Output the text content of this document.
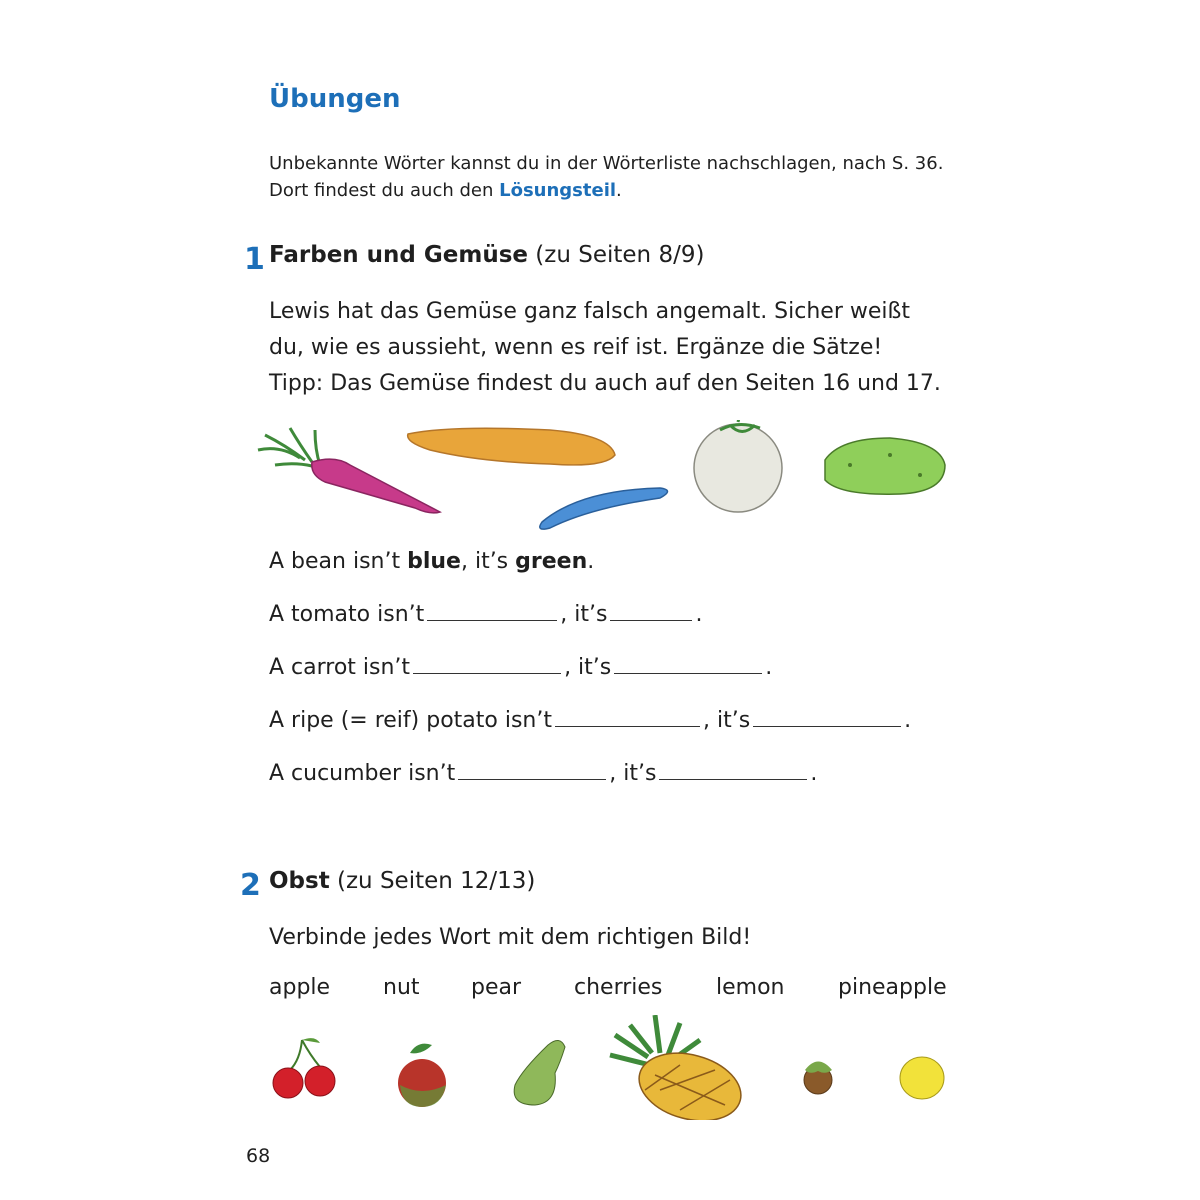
Übungen
Unbekannte Wörter kannst du in der Wörterliste nachschlagen, nach S. 36.
Dort findest du auch den Lösungsteil.
1 Farben und Gemüse (zu Seiten 8/9)
Lewis hat das Gemüse ganz falsch angemalt. Sicher weißt
du, wie es aussieht, wenn es reif ist. Ergänze die Sätze!
Tipp: Das Gemüse findest du auch auf den Seiten 16 und 17.
A bean isn’t blue, it’s green.
A tomato isn’t	, it’s	.
A carrot isn’t	, it’s	.
A ripe (= reif) potato isn’t	, it’s	.
A cucumber isn’t	, it’s	.
2 Obst (zu Seiten 12/13)
Verbinde jedes Wort mit dem richtigen Bild!
apple nut pear cherries lemon pineapple
68
